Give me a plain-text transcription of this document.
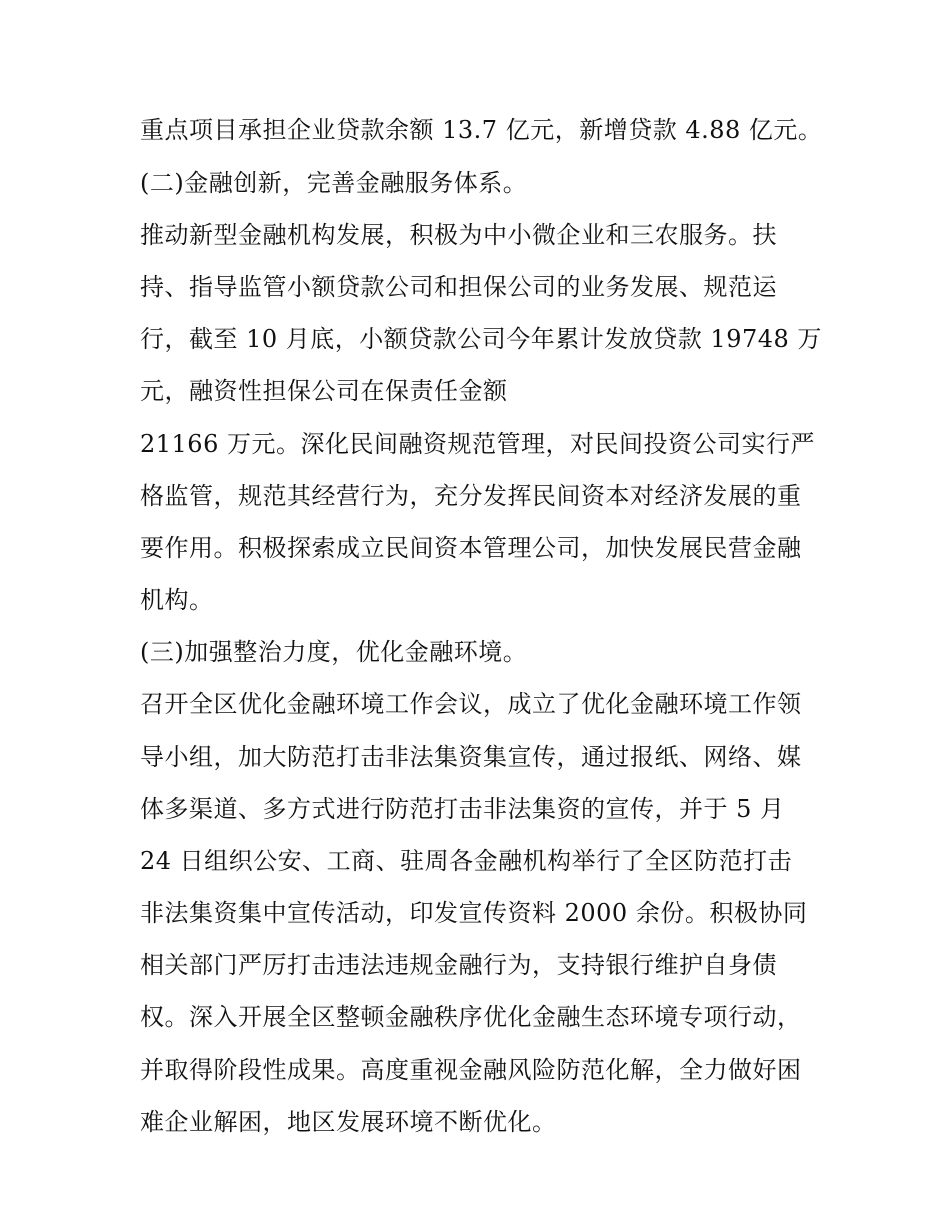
重点项目承担企业贷款余额 13.7 亿元，新增贷款 4.88 亿元。

(二)金融创新，完善金融服务体系。

推动新型金融机构发展，积极为中小微企业和三农服务。扶

持、指导监管小额贷款公司和担保公司的业务发展、规范运

行，截至 10 月底，小额贷款公司今年累计发放贷款 19748 万

元，融资性担保公司在保责任金额

21166 万元。深化民间融资规范管理，对民间投资公司实行严

格监管，规范其经营行为，充分发挥民间资本对经济发展的重

要作用。积极探索成立民间资本管理公司，加快发展民营金融

机构。

(三)加强整治力度，优化金融环境。

召开全区优化金融环境工作会议，成立了优化金融环境工作领

导小组，加大防范打击非法集资集宣传，通过报纸、网络、媒

体多渠道、多方式进行防范打击非法集资的宣传，并于 5 月

24 日组织公安、工商、驻周各金融机构举行了全区防范打击

非法集资集中宣传活动，印发宣传资料 2000 余份。积极协同

相关部门严厉打击违法违规金融行为，支持银行维护自身债

权。深入开展全区整顿金融秩序优化金融生态环境专项行动，

并取得阶段性成果。高度重视金融风险防范化解，全力做好困

难企业解困，地区发展环境不断优化。
